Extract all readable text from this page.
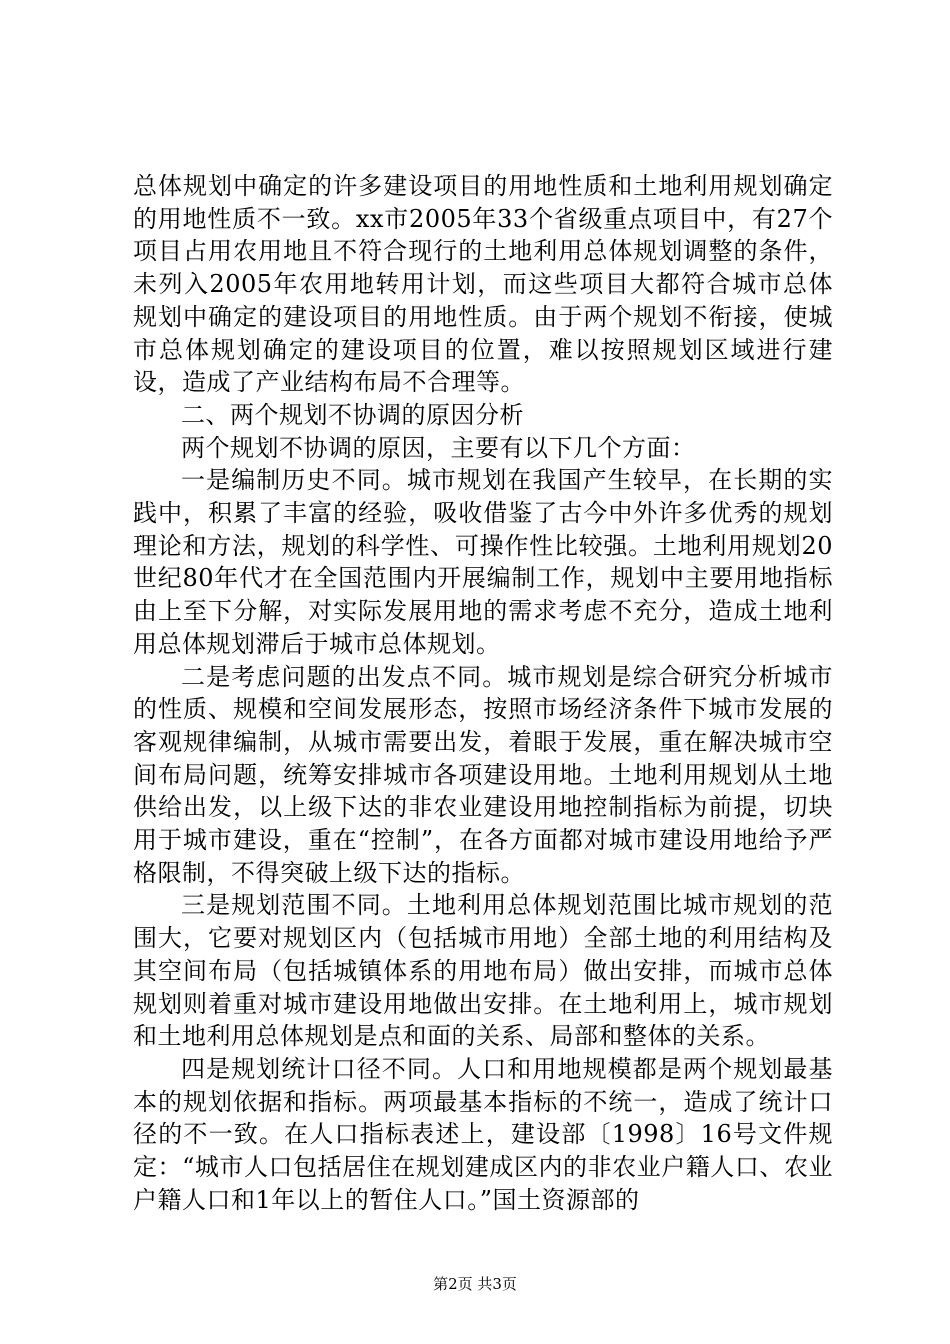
总体规划中确定的许多建设项目的用地性质和土地利用规划确定的用地性质不一致。xx市2005年33个省级重点项目中，有27个项目占用农用地且不符合现行的土地利用总体规划调整的条件，未列入2005年农用地转用计划，而这些项目大都符合城市总体规划中确定的建设项目的用地性质。由于两个规划不衔接，使城市总体规划确定的建设项目的位置，难以按照规划区域进行建设，造成了产业结构布局不合理等。

二、两个规划不协调的原因分析

两个规划不协调的原因，主要有以下几个方面：

一是编制历史不同。城市规划在我国产生较早，在长期的实践中，积累了丰富的经验，吸收借鉴了古今中外许多优秀的规划理论和方法，规划的科学性、可操作性比较强。土地利用规划20世纪80年代才在全国范围内开展编制工作，规划中主要用地指标由上至下分解，对实际发展用地的需求考虑不充分，造成土地利用总体规划滞后于城市总体规划。

二是考虑问题的出发点不同。城市规划是综合研究分析城市的性质、规模和空间发展形态，按照市场经济条件下城市发展的客观规律编制，从城市需要出发，着眼于发展，重在解决城市空间布局问题，统筹安排城市各项建设用地。土地利用规划从土地供给出发，以上级下达的非农业建设用地控制指标为前提，切块用于城市建设，重在“控制”，在各方面都对城市建设用地给予严格限制，不得突破上级下达的指标。

三是规划范围不同。土地利用总体规划范围比城市规划的范围大，它要对规划区内（包括城市用地）全部土地的利用结构及其空间布局（包括城镇体系的用地布局）做出安排，而城市总体规划则着重对城市建设用地做出安排。在土地利用上，城市规划和土地利用总体规划是点和面的关系、局部和整体的关系。

四是规划统计口径不同。人口和用地规模都是两个规划最基本的规划依据和指标。两项最基本指标的不统一，造成了统计口径的不一致。在人口指标表述上，建设部〔1998〕16号文件规定：“城市人口包括居住在规划建成区内的非农业户籍人口、农业户籍人口和1年以上的暂住人口。”国土资源部的

第2页 共3页
